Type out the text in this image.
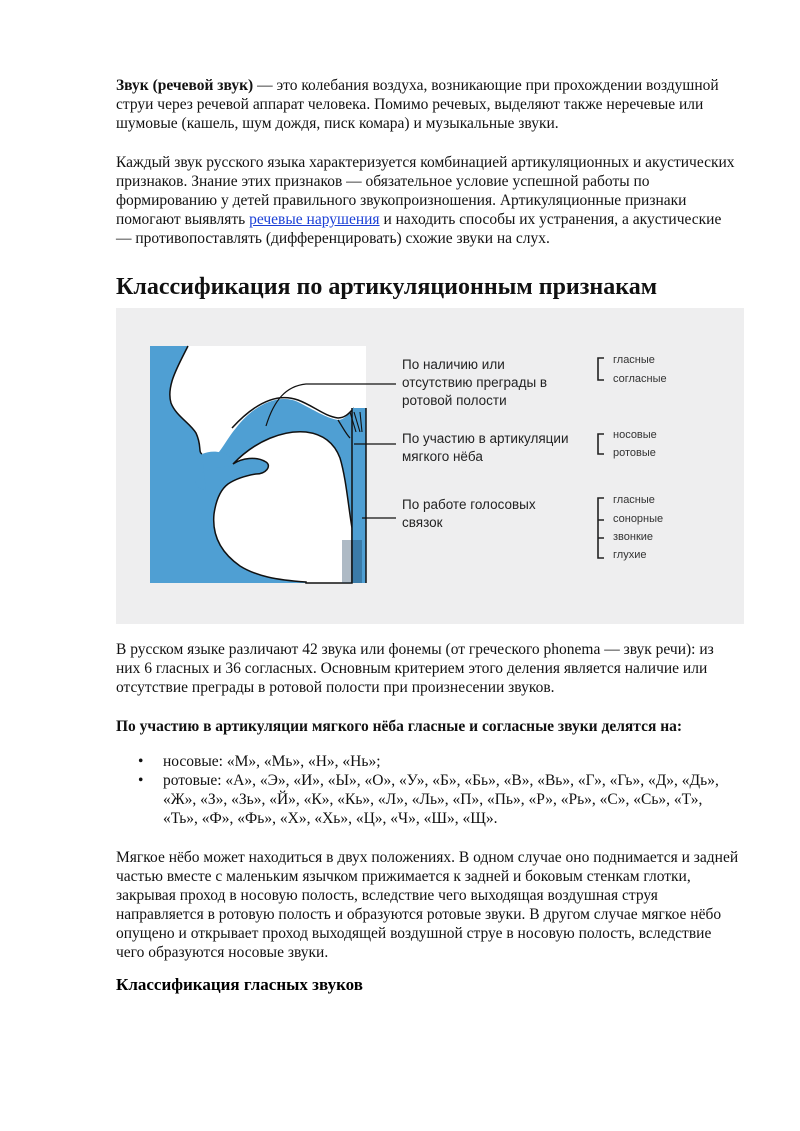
Звук (речевой звук) — это колебания воздуха, возникающие при прохождении воздушной струи через речевой аппарат человека. Помимо речевых, выделяют также неречевые или шумовые (кашель, шум дождя, писк комара) и музыкальные звуки.

Каждый звук русского языка характеризуется комбинацией артикуляционных и акустических признаков. Знание этих признаков — обязательное условие успешной работы по формированию у детей правильного звукопроизношения. Артикуляционные признаки помогают выявлять речевые нарушения и находить способы их устранения, а акустические — противопоставлять (дифференцировать) схожие звуки на слух.

Классификация по артикуляционным признакам
По наличию или отсутствию преграды в ротовой полости
По участию в артикуляции мягкого нёба
По работе голосовых связок
гласные
согласные
носовые
ротовые
гласные
сонорные
звонкие
глухие

В русском языке различают 42 звука или фонемы (от греческого phonema — звук речи): из них 6 гласных и 36 согласных. Основным критерием этого деления является наличие или отсутствие преграды в ротовой полости при произнесении звуков.

По участию в артикуляции мягкого нёба гласные и согласные звуки делятся на:

• носовые: «М», «Мь», «Н», «Нь»;
• ротовые: «А», «Э», «И», «Ы», «О», «У», «Б», «Бь», «В», «Вь», «Г», «Гь», «Д», «Дь», «Ж», «З», «Зь», «Й», «К», «Кь», «Л», «Ль», «П», «Пь», «Р», «Рь», «С», «Сь», «Т», «Ть», «Ф», «Фь», «Х», «Хь», «Ц», «Ч», «Ш», «Щ».

Мягкое нёбо может находиться в двух положениях. В одном случае оно поднимается и задней частью вместе с маленьким язычком прижимается к задней и боковым стенкам глотки, закрывая проход в носовую полость, вследствие чего выходящая воздушная струя направляется в ротовую полость и образуются ротовые звуки. В другом случае мягкое нёбо опущено и открывает проход выходящей воздушной струе в носовую полость, вследствие чего образуются носовые звуки.

Классификация гласных звуков
